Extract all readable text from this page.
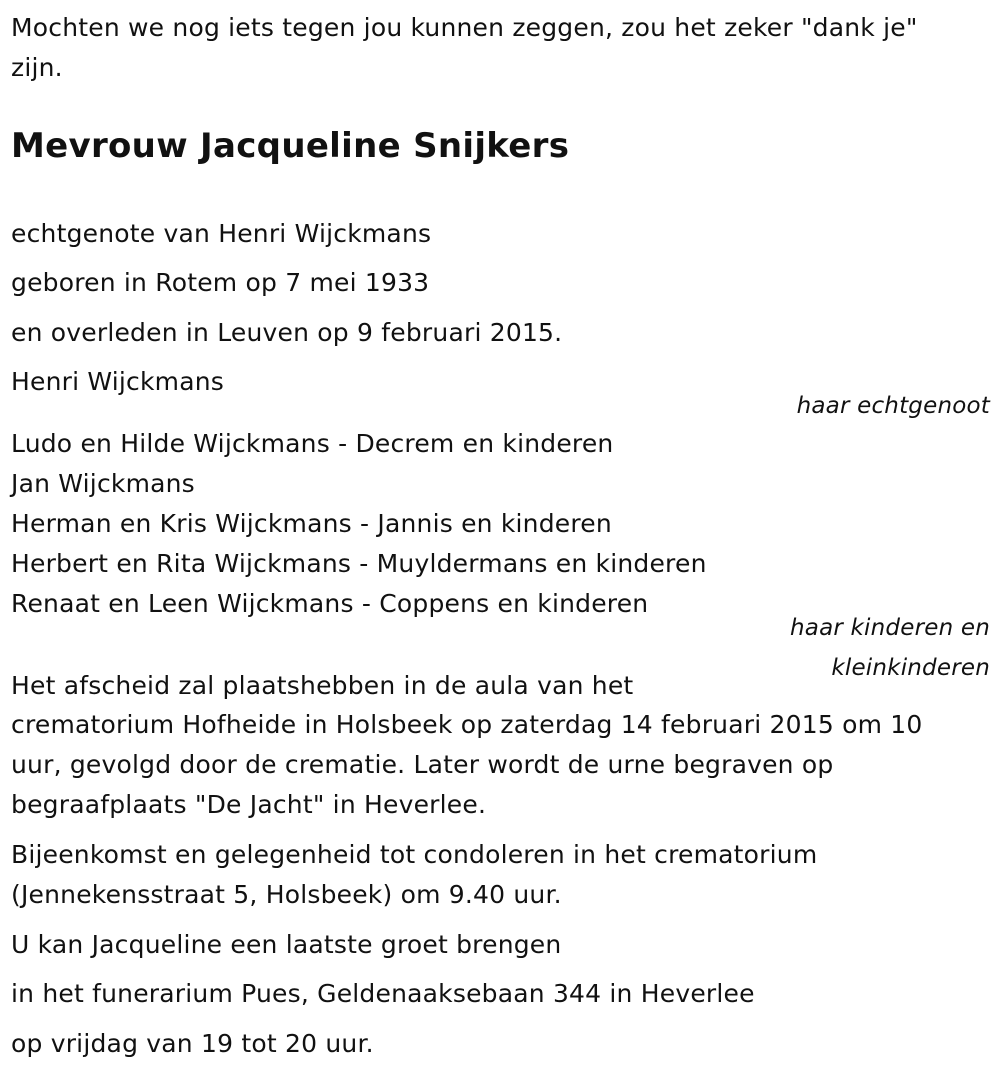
Mochten we nog iets tegen jou kunnen zeggen, zou het zeker "dank je" zijn.

Mevrouw Jacqueline Snijkers

echtgenote van Henri Wijckmans

geboren in Rotem op 7 mei 1933

en overleden in Leuven op 9 februari 2015.

Henri Wijckmans

haar echtgenoot

Ludo en Hilde Wijckmans - Decrem en kinderen

Jan Wijckmans

Herman en Kris Wijckmans - Jannis en kinderen

Herbert en Rita Wijckmans - Muyldermans en kinderen

Renaat en Leen Wijckmans - Coppens en kinderen

haar kinderen en

kleinkinderen

Het afscheid zal plaatshebben in de aula van het

crematorium Hofheide in Holsbeek op zaterdag 14 februari 2015 om 10

uur, gevolgd door de crematie. Later wordt de urne begraven op

begraafplaats "De Jacht" in Heverlee.

Bijeenkomst en gelegenheid tot condoleren in het crematorium

(Jennekensstraat 5, Holsbeek) om 9.40 uur.

U kan Jacqueline een laatste groet brengen

in het funerarium Pues, Geldenaaksebaan 344 in Heverlee

op vrijdag van 19 tot 20 uur.
